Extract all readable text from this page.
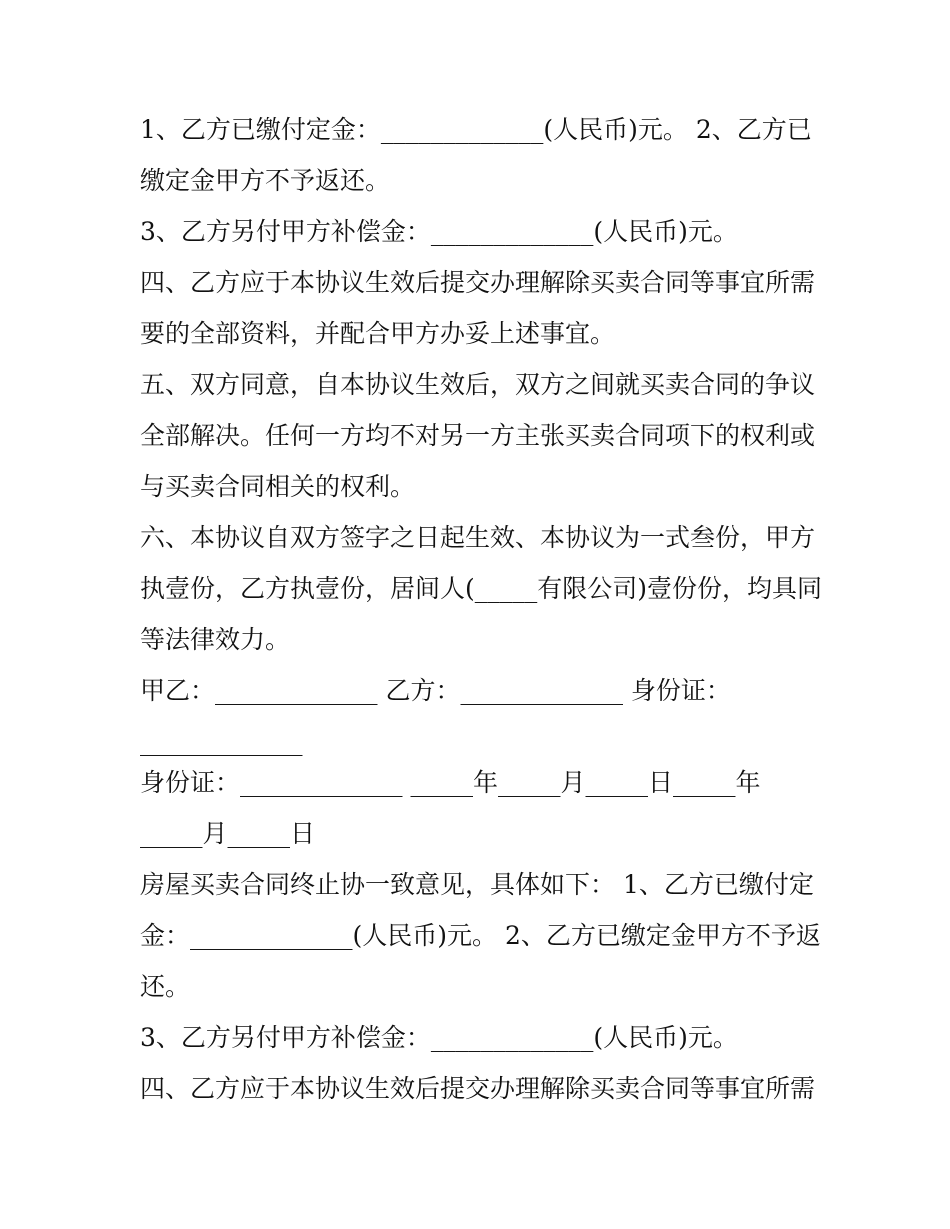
1、乙方已缴付定金：_____________(人民币)元。 2、乙方已

缴定金甲方不予返还。

3、乙方另付甲方补偿金：_____________(人民币)元。

四、乙方应于本协议生效后提交办理解除买卖合同等事宜所需

要的全部资料，并配合甲方办妥上述事宜。

五、双方同意，自本协议生效后，双方之间就买卖合同的争议

全部解决。任何一方均不对另一方主张买卖合同项下的权利或

与买卖合同相关的权利。

六、本协议自双方签字之日起生效、本协议为一式叁份，甲方

执壹份，乙方执壹份，居间人(_____有限公司)壹份份，均具同

等法律效力。

甲乙：_____________ 乙方：_____________ 身份证：

_____________

身份证：_____________ _____年_____月_____日_____年

_____月_____日

房屋买卖合同终止协一致意见，具体如下： 1、乙方已缴付定

金：_____________(人民币)元。 2、乙方已缴定金甲方不予返

还。

3、乙方另付甲方补偿金：_____________(人民币)元。

四、乙方应于本协议生效后提交办理解除买卖合同等事宜所需
